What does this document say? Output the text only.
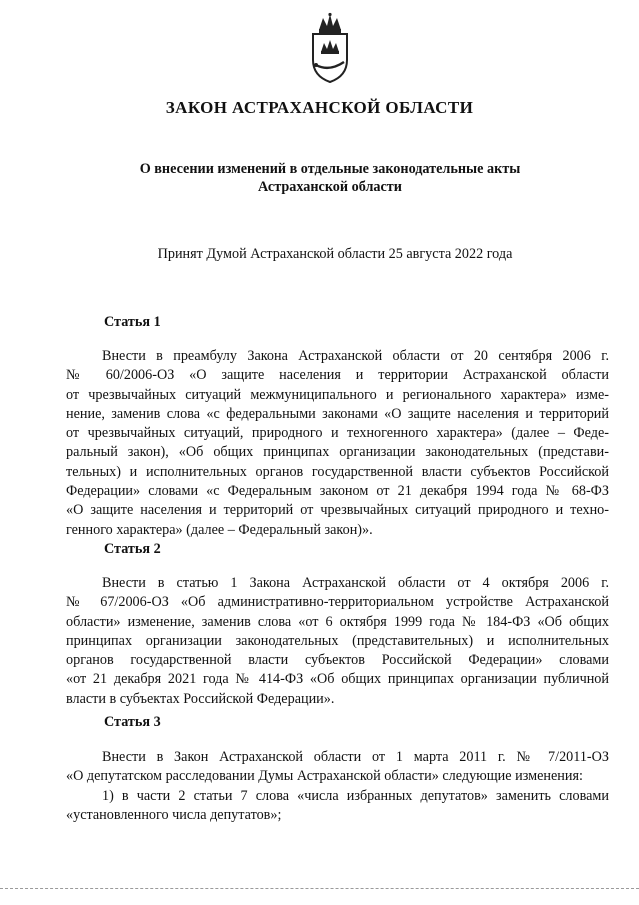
ЗАКОН АСТРАХАНСКОЙ ОБЛАСТИ
О внесении изменений в отдельные законодательные акты
Астраханской области
Принят Думой Астраханской области 25 августа 2022 года
Статья 1
Внести в преамбулу Закона Астраханской области от 20 сентября 2006 г.
№ 60/2006-ОЗ «О защите населения и территории Астраханской области
от чрезвычайных ситуаций межмуниципального и регионального характера» изме-
нение, заменив слова «с федеральными законами «О защите населения и территорий
от чрезвычайных ситуаций, природного и техногенного характера» (далее – Феде-
ральный закон), «Об общих принципах организации законодательных (представи-
тельных) и исполнительных органов государственной власти субъектов Российской
Федерации» словами «с Федеральным законом от 21 декабря 1994 года № 68-ФЗ
«О защите населения и территорий от чрезвычайных ситуаций природного и техно-
генного характера» (далее – Федеральный закон)».
Статья 2
Внести в статью 1 Закона Астраханской области от 4 октября 2006 г.
№ 67/2006-ОЗ «Об административно-территориальном устройстве Астраханской
области» изменение, заменив слова «от 6 октября 1999 года № 184-ФЗ «Об общих
принципах организации законодательных (представительных) и исполнительных
органов государственной власти субъектов Российской Федерации» словами
«от 21 декабря 2021 года № 414-ФЗ «Об общих принципах организации публичной
власти в субъектах Российской Федерации».
Статья 3
Внести в Закон Астраханской области от 1 марта 2011 г. № 7/2011-ОЗ
«О депутатском расследовании Думы Астраханской области» следующие изменения:
1) в части 2 статьи 7 слова «числа избранных депутатов» заменить словами
«установленного числа депутатов»;
